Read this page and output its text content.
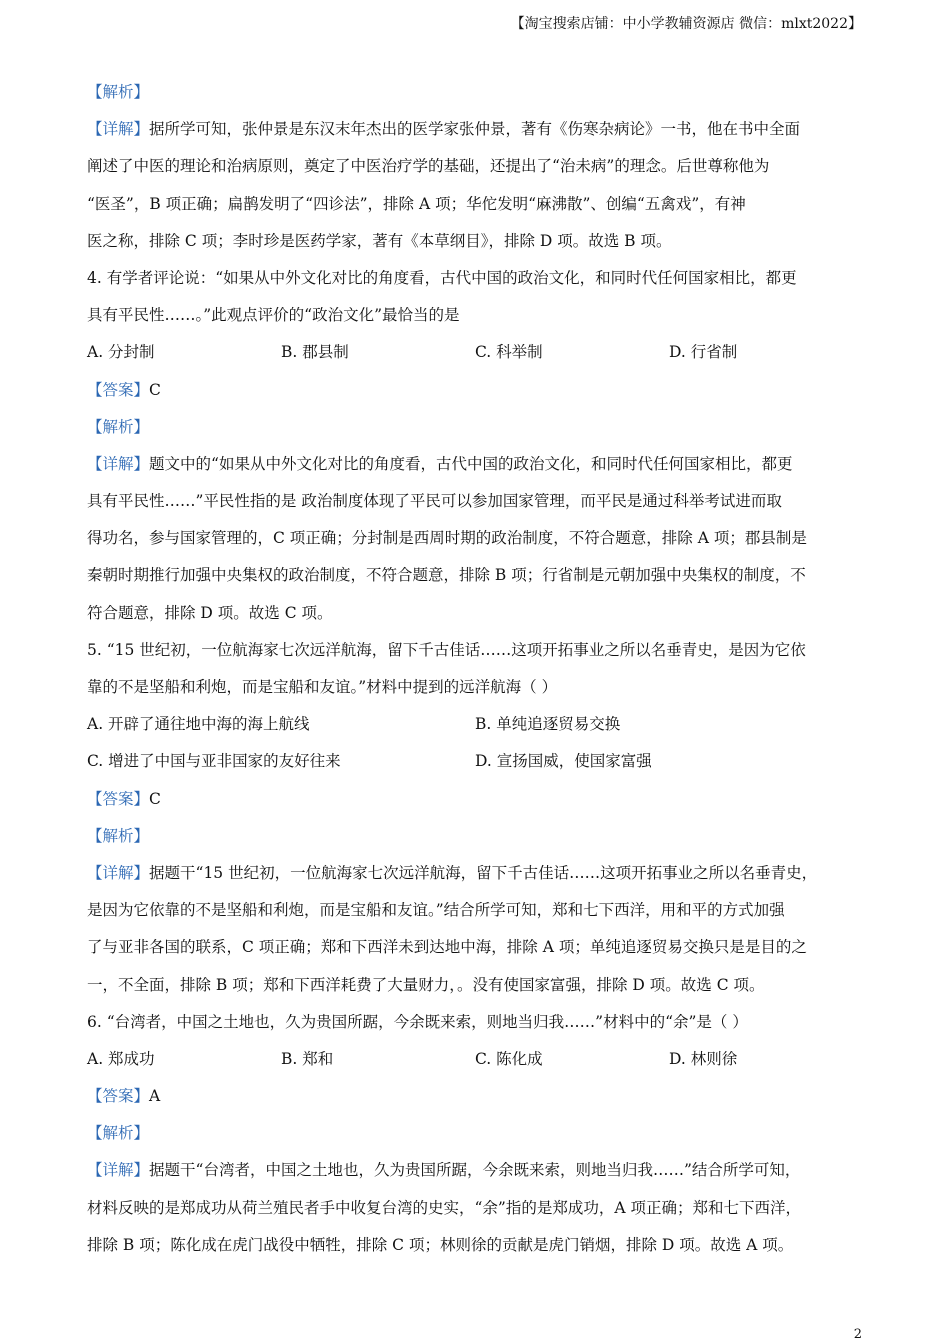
【淘宝搜索店铺：中小学教辅资源店 微信：mlxt2022】
【解析】
【详解】据所学可知，张仲景是东汉末年杰出的医学家张仲景，著有《伤寒杂病论》一书，他在书中全面
阐述了中医的理论和治病原则，奠定了中医治疗学的基础，还提出了“治未病”的理念。后世尊称他为
“医圣”，B 项正确；扁鹊发明了“四诊法”，排除 A 项；华佗发明“麻沸散”、创编“五禽戏”，有神
医之称，排除 C 项；李时珍是医药学家，著有《本草纲目》，排除 D 项。故选 B 项。
4. 有学者评论说：“如果从中外文化对比的角度看，古代中国的政治文化，和同时代任何国家相比，都更
具有平民性……。”此观点评价的“政治文化”最恰当的是
A. 分封制	B. 郡县制	C. 科举制	D. 行省制
【答案】C
【解析】
【详解】题文中的“如果从中外文化对比的角度看，古代中国的政治文化，和同时代任何国家相比，都更
具有平民性……”平民性指的是 政治制度体现了平民可以参加国家管理，而平民是通过科举考试进而取
得功名，参与国家管理的，C 项正确；分封制是西周时期的政治制度，不符合题意，排除 A 项；郡县制是
秦朝时期推行加强中央集权的政治制度，不符合题意，排除 B 项；行省制是元朝加强中央集权的制度，不
符合题意，排除 D 项。故选 C 项。
5. “15 世纪初，一位航海家七次远洋航海，留下千古佳话……这项开拓事业之所以名垂青史，是因为它依
靠的不是坚船和利炮，而是宝船和友谊。”材料中提到的远洋航海（ ）
A. 开辟了通往地中海的海上航线	B. 单纯追逐贸易交换
C. 增进了中国与亚非国家的友好往来	D. 宣扬国威，使国家富强
【答案】C
【解析】
【详解】据题干“15 世纪初，一位航海家七次远洋航海，留下千古佳话……这项开拓事业之所以名垂青史，
是因为它依靠的不是坚船和利炮，而是宝船和友谊。”结合所学可知，郑和七下西洋，用和平的方式加强
了与亚非各国的联系，C 项正确；郑和下西洋未到达地中海，排除 A 项；单纯追逐贸易交换只是是目的之
一，不全面，排除 B 项；郑和下西洋耗费了大量财力，。没有使国家富强，排除 D 项。故选 C 项。
6. “台湾者，中国之土地也，久为贵国所踞，今余既来索，则地当归我……”材料中的“余”是（ ）
A. 郑成功	B. 郑和	C. 陈化成	D. 林则徐
【答案】A
【解析】
【详解】据题干“台湾者，中国之土地也，久为贵国所踞，今余既来索，则地当归我……”结合所学可知，
材料反映的是郑成功从荷兰殖民者手中收复台湾的史实，“余”指的是郑成功，A 项正确；郑和七下西洋，
排除 B 项；陈化成在虎门战役中牺牲，排除 C 项；林则徐的贡献是虎门销烟，排除 D 项。故选 A 项。
2
